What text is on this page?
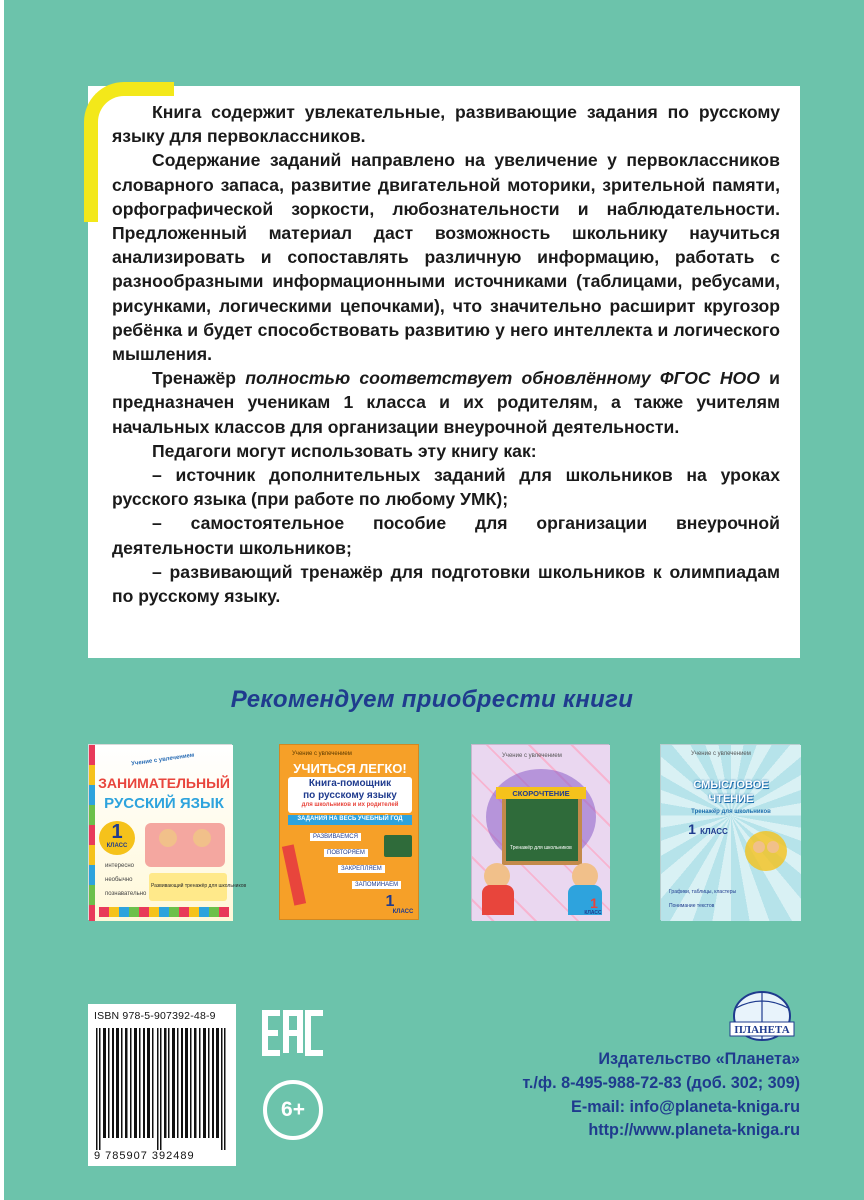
Книга содержит увлекательные, развивающие задания по русскому языку для первоклассников.

Содержание заданий направлено на увеличение у первоклассников словарного запаса, развитие двигательной моторики, зрительной памяти, орфографической зоркости, любознательности и наблюдательности. Предложенный материал даст возможность школьнику научиться анализировать и сопоставлять различную информацию, работать с разнообразными информационными источниками (таблицами, ребусами, рисунками, логическими цепочками), что значительно расширит кругозор ребёнка и будет способствовать развитию у него интеллекта и логического мышления.

Тренажёр полностью соответствует обновлённому ФГОС НОО и предназначен ученикам 1 класса и их родителям, а также учителям начальных классов для организации внеурочной деятельности.

Педагоги могут использовать эту книгу как:

– источник дополнительных заданий для школьников на уроках русского языка (при работе по любому УМК);

– самостоятельное пособие для организации внеурочной деятельности школьников;

– развивающий тренажёр для подготовки школьников к олимпиадам по русскому языку.

Рекомендуем приобрести книги
Учение с увлечением
ЗАНИМАТЕЛЬНЫЙ
РУССКИЙ ЯЗЫК
1
КЛАСС
интересно
необычно
познавательно
Развивающий тренажёр для школьников
Учение с увлечением
УЧИТЬСЯ ЛЕГКО!
Книга-помощник
по русскому языку
для школьников и их родителей
ЗАДАНИЯ НА ВЕСЬ УЧЕБНЫЙ ГОД
РАЗВИВАЕМСЯ
ПОВТОРЯЕМ
ЗАКРЕПЛЯЕМ
ЗАПОМИНАЕМ
1
КЛАСС
Учение с увлечением
СКОРОЧТЕНИЕ
Тренажёр для школьников
1
КЛАСС
Учение с увлечением
СМЫСЛОВОЕ
ЧТЕНИЕ
Тренажёр для школьников
1 КЛАСС
Графики, таблицы, кластеры
Понимание текстов
ISBN 978-5-907392-48-9
9 785907 392489
6+
ПЛАНЕТА
Издательство «Планета»
т./ф. 8-495-988-72-83 (доб. 302; 309)
E-mail: info@planeta-kniga.ru
http://www.planeta-kniga.ru
